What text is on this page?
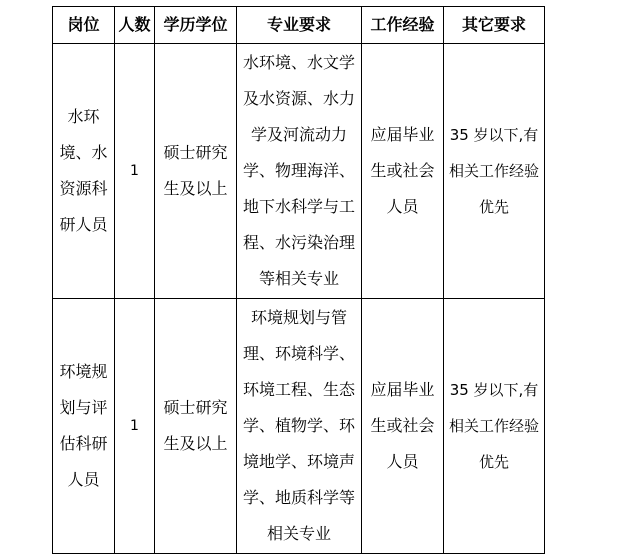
岗位	人数	学历学位	专业要求	工作经验	其它要求

水环境、水资源科研人员	1	硕士研究生及以上	水环境、水文学及水资源、水力学及河流动力学、物理海洋、地下水科学与工程、水污染治理等相关专业	应届毕业生或社会人员	35 岁以下,有相关工作经验优先

环境规划与评估科研人员	1	硕士研究生及以上	环境规划与管理、环境科学、环境工程、生态学、植物学、环境地学、环境声学、地质科学等相关专业	应届毕业生或社会人员	35 岁以下,有相关工作经验优先
